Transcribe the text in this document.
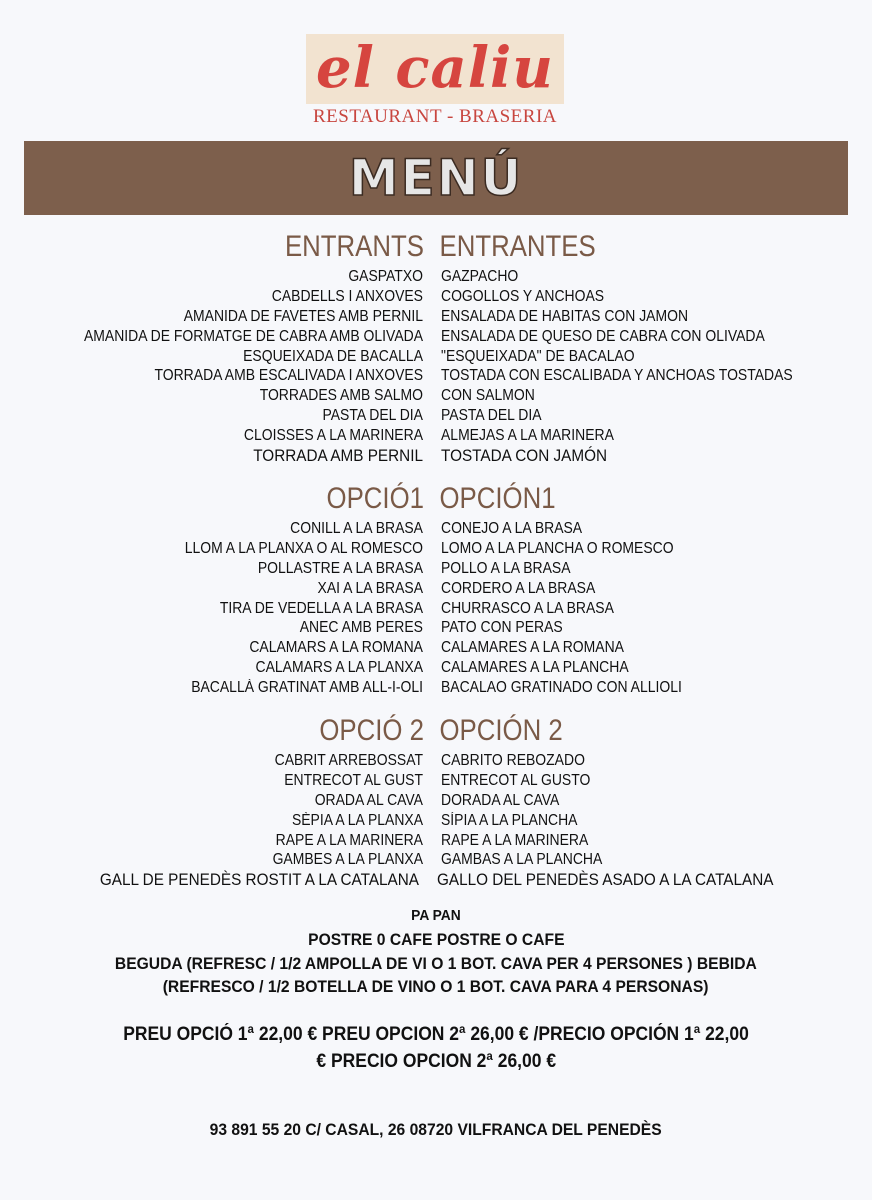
el caliu
RESTAURANT - BRASERIA
MENÚ
ENTRANTS ENTRANTES
GASPATXO	GAZPACHO
CABDELLS I ANXOVES	COGOLLOS Y ANCHOAS
AMANIDA DE FAVETES AMB PERNIL	ENSALADA DE HABITAS CON JAMON
AMANIDA DE FORMATGE DE CABRA AMB OLIVADA	ENSALADA DE QUESO DE CABRA CON OLIVADA
ESQUEIXADA DE BACALLA	"ESQUEIXADA" DE BACALAO
TORRADA AMB ESCALIVADA I ANXOVES	TOSTADA CON ESCALIBADA Y ANCHOAS TOSTADAS
TORRADES AMB SALMO	CON SALMON
PASTA DEL DIA	PASTA DEL DIA
CLOISSES A LA MARINERA	ALMEJAS A LA MARINERA
TORRADA AMB PERNIL	TOSTADA CON JAMÓN
OPCIÓ1 OPCIÓN1
CONILL A LA BRASA	CONEJO A LA BRASA
LLOM A LA PLANXA O AL ROMESCO	LOMO A LA PLANCHA O ROMESCO
POLLASTRE A LA BRASA	POLLO A LA BRASA
XAI A LA BRASA	CORDERO A LA BRASA
TIRA DE VEDELLA A LA BRASA	CHURRASCO A LA BRASA
ANEC AMB PERES	PATO CON PERAS
CALAMARS A LA ROMANA	CALAMARES A LA ROMANA
CALAMARS A LA PLANXA	CALAMARES A LA PLANCHA
BACALLÀ GRATINAT AMB ALL-I-OLI	BACALAO GRATINADO CON ALLIOLI
OPCIÓ 2 OPCIÓN 2
CABRIT ARREBOSSAT	CABRITO REBOZADO
ENTRECOT AL GUST	ENTRECOT AL GUSTO
ORADA AL CAVA	DORADA AL CAVA
SÈPIA A LA PLANXA	SÍPIA A LA PLANCHA
RAPE A LA MARINERA	RAPE A LA MARINERA
GAMBES A LA PLANXA	GAMBAS A LA PLANCHA
GALL DE PENEDÈS ROSTIT A LA CATALANA	GALLO DEL PENEDÈS ASADO A LA CATALANA
PA PAN
POSTRE 0 CAFE POSTRE O CAFE
BEGUDA (REFRESC / 1/2 AMPOLLA DE VI O 1 BOT. CAVA PER 4 PERSONES ) BEBIDA
(REFRESCO / 1/2 BOTELLA DE VINO O 1 BOT. CAVA PARA 4 PERSONAS)
PREU OPCIÓ 1ª 22,00 € PREU OPCION 2ª 26,00 € /PRECIO OPCIÓN 1ª 22,00
€ PRECIO OPCION 2ª 26,00 €
93 891 55 20 C/ CASAL, 26 08720 VILFRANCA DEL PENEDÈS
